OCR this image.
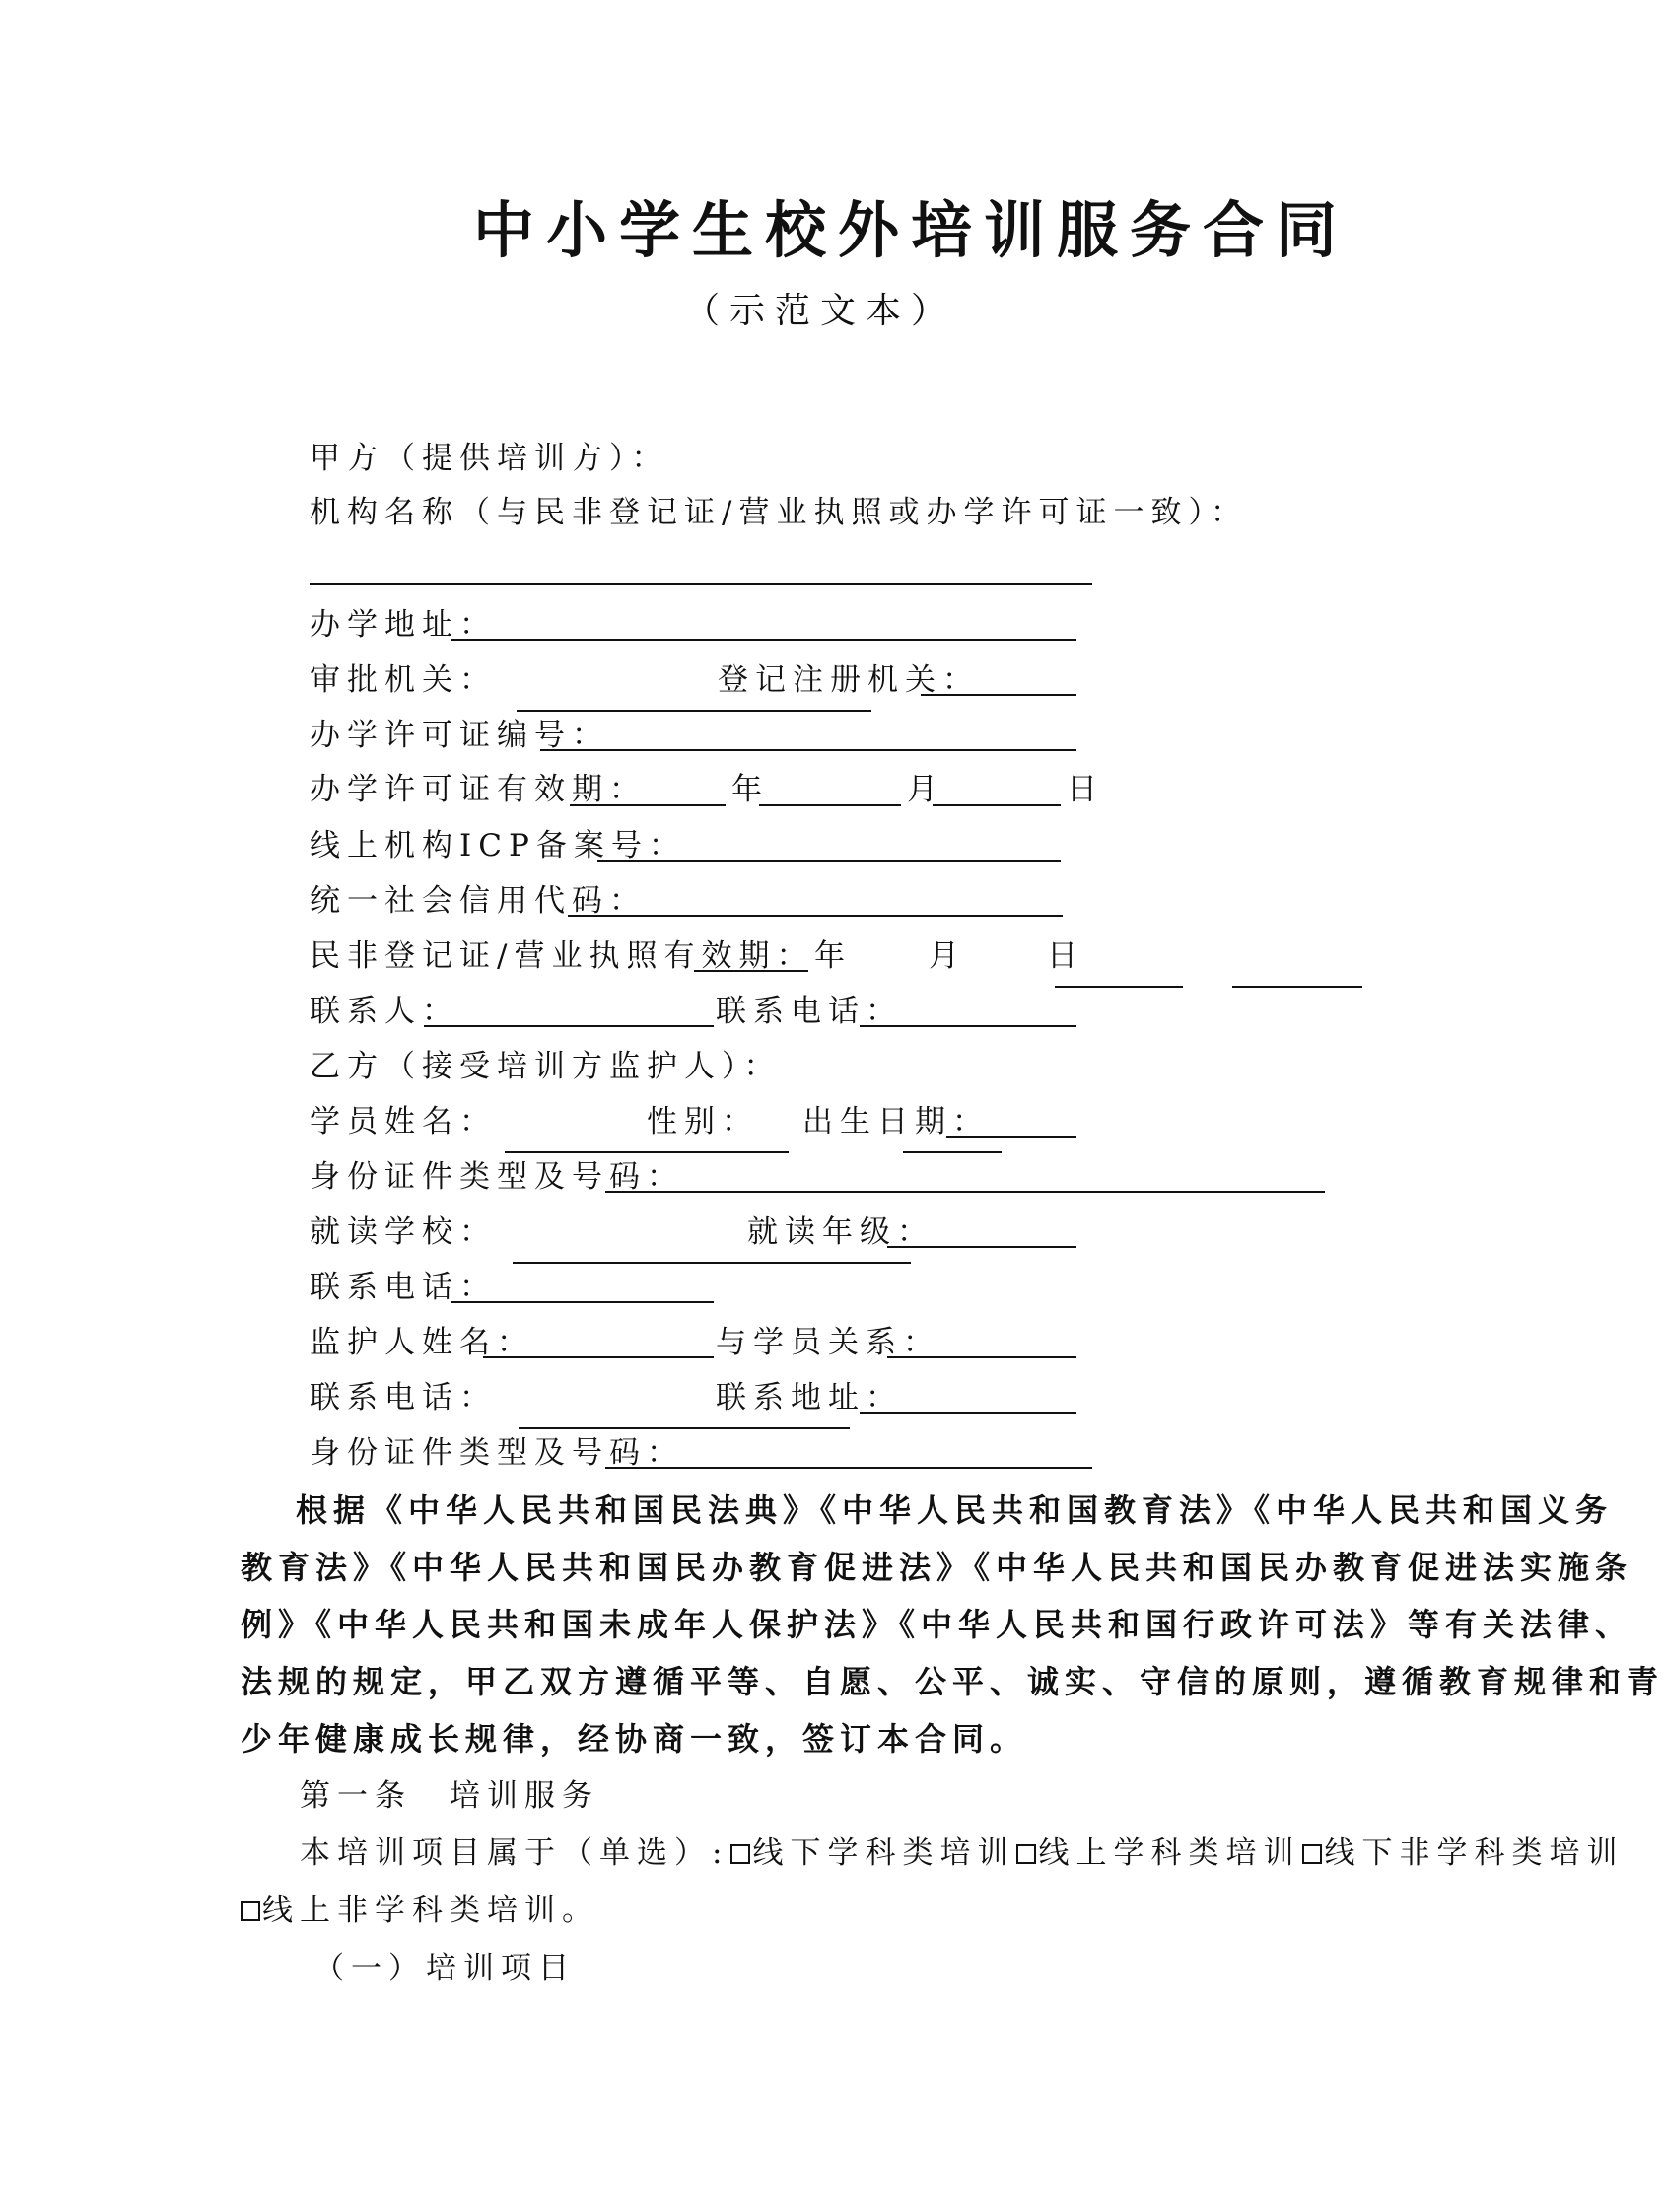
中小学生校外培训服务合同
（示范文本）
甲方（提供培训方）：
机构名称（与民非登记证/营业执照或办学许可证一致）：
办学地址：
审批机关：	登记注册机关：
办学许可证编号：
办学许可证有效期：	年	月	日
线上机构ICP备案号：
统一社会信用代码：
民非登记证/营业执照有效期： 年	月	日
联系人：	联系电话：
乙方（接受培训方监护人）：
学员姓名：	性别： 出生日期：
身份证件类型及号码：
就读学校：	就读年级：
联系电话：
监护人姓名：	与学员关系：
联系电话：	联系地址：
身份证件类型及号码：
根据《中华人民共和国民法典》《中华人民共和国教育法》《中华人民共和国义务
教育法》《中华人民共和国民办教育促进法》《中华人民共和国民办教育促进法实施条
例》《中华人民共和国未成年人保护法》《中华人民共和国行政许可法》等有关法律、
法规的规定，甲乙双方遵循平等、自愿、公平、诚实、守信的原则，遵循教育规律和青
少年健康成长规律，经协商一致，签订本合同。
第一条　培训服务
本培训项目属于（单选）: 线下学科类培训 线上学科类培训 线下非学科类培训
线上非学科类培训。
（一）培训项目
